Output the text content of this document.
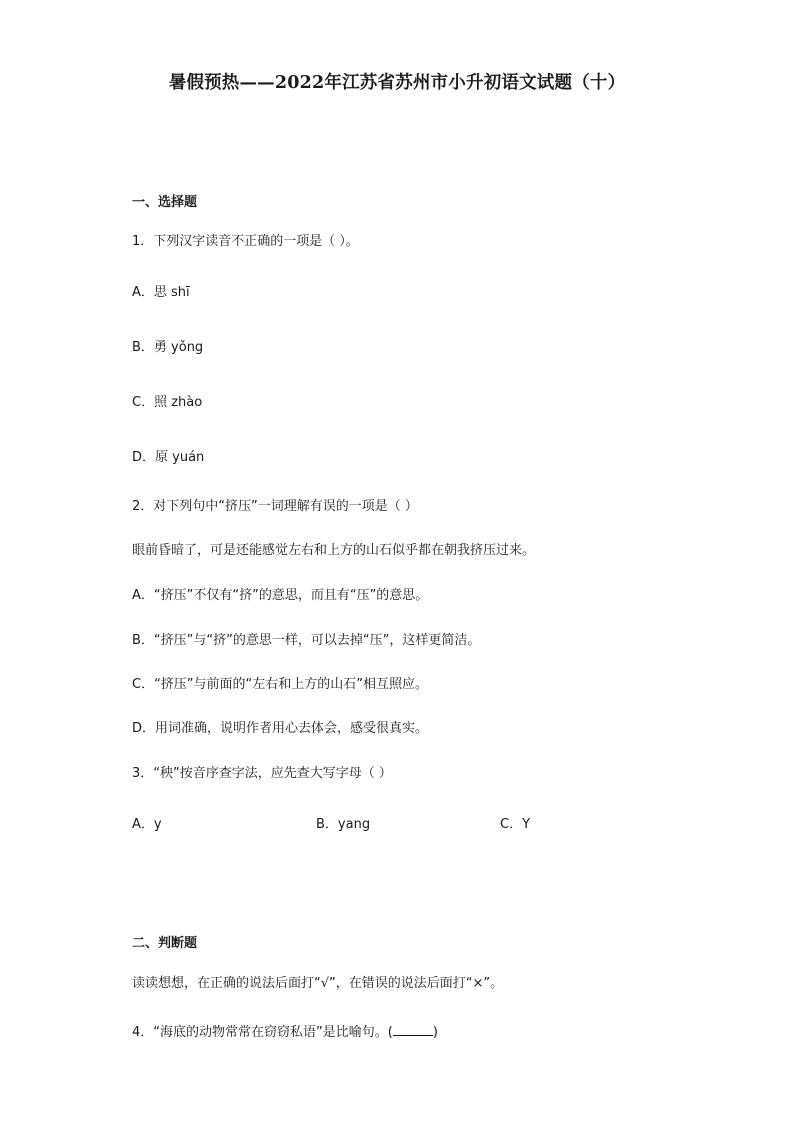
暑假预热——2022年江苏省苏州市小升初语文试题（十）
一、选择题
1．下列汉字读音不正确的一项是（ ）。
A．思 shī
B．勇 yǒng
C．照 zhào
D．原 yuán
2．对下列句中“挤压”一词理解有误的一项是（ ）
眼前昏暗了，可是还能感觉左右和上方的山石似乎都在朝我挤压过来。
A．“挤压”不仅有“挤”的意思，而且有“压”的意思。
B．“挤压”与“挤”的意思一样，可以去掉“压”，这样更简洁。
C．“挤压”与前面的“左右和上方的山石”相互照应。
D．用词准确，说明作者用心去体会，感受很真实。
3．“秧”按音序查字法，应先查大写字母（ ）
A．y	B．yang	C．Y
二、判断题
读读想想，在正确的说法后面打“√”，在错误的说法后面打“×”。
4．“海底的动物常常在窃窃私语”是比喻句。(	)
